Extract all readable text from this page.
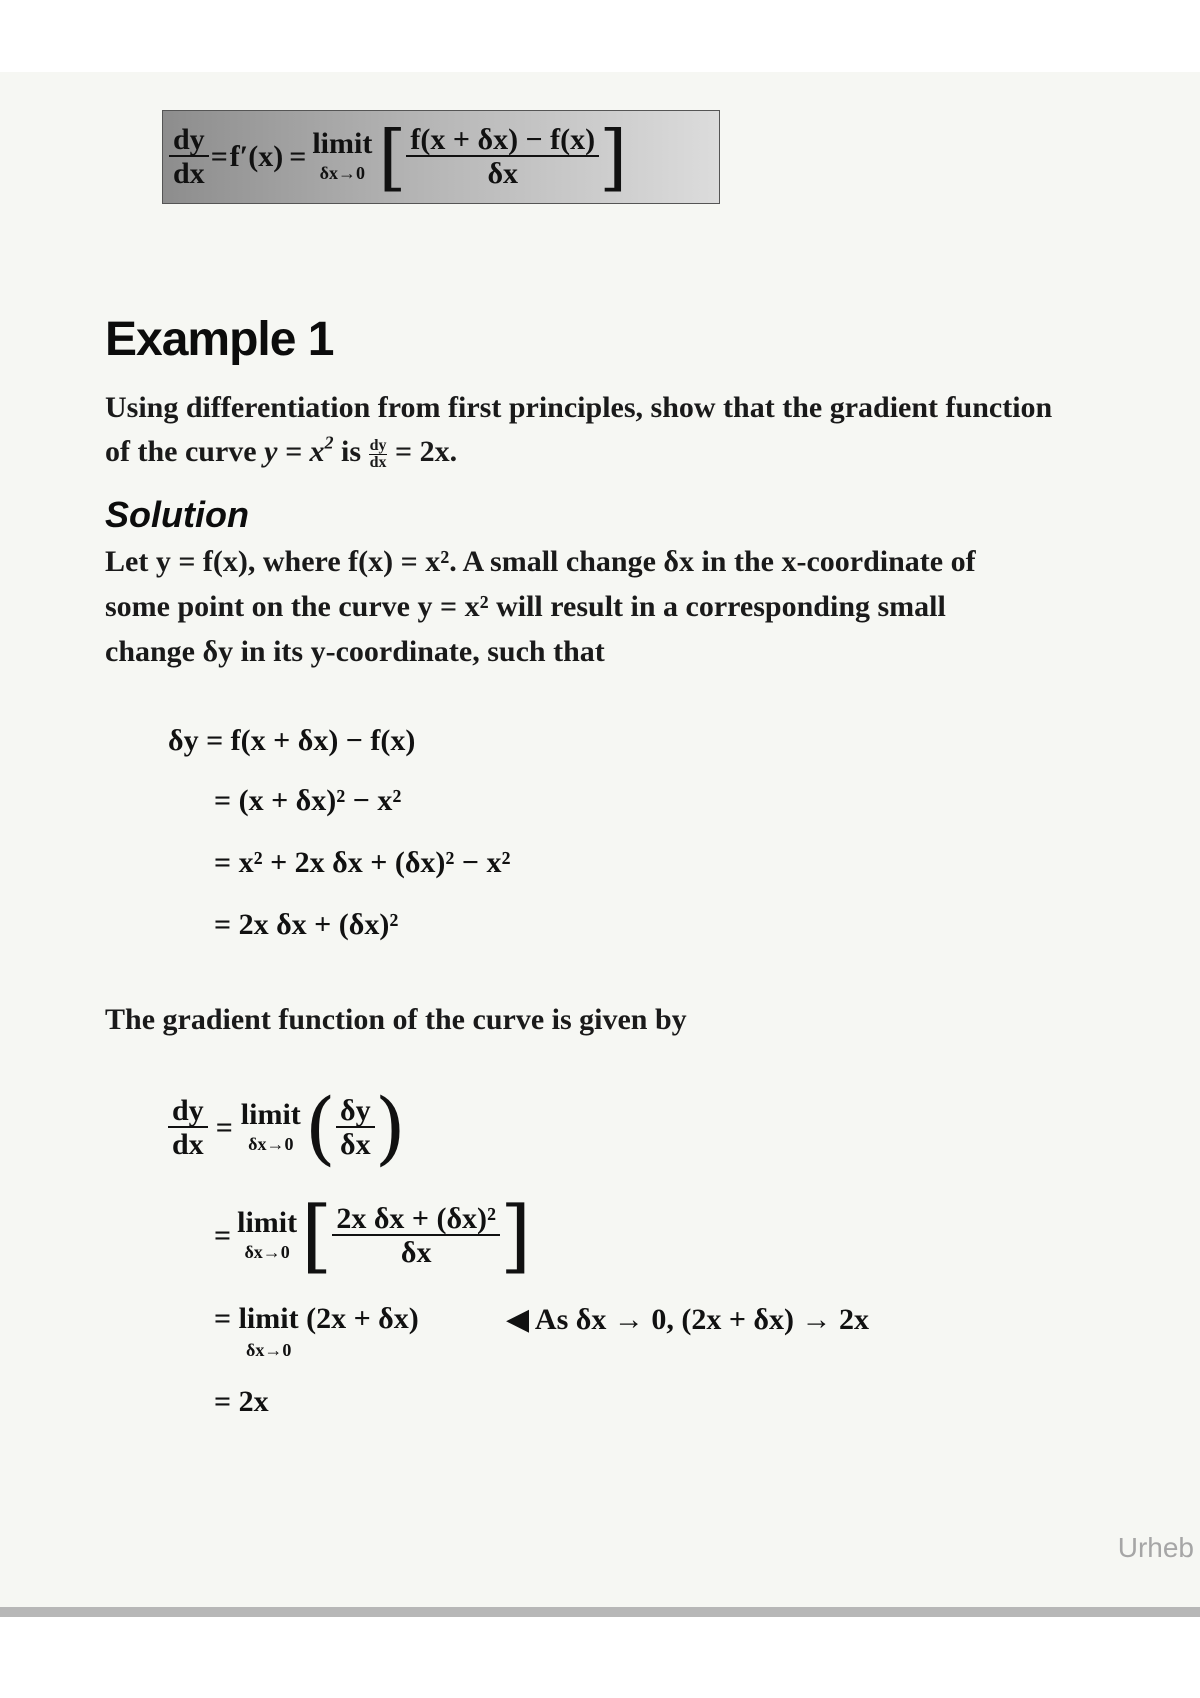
$\frac{dy}{dx} = f'(x)$ = limit
δx→0 [ $\frac{f(x + \delta x) - f(x)}{\delta x}$ ]
Example 1

Using differentiation from first principles, show that the gradient function

of the curve $y = x^2$ is $\frac{dy}{dx} = 2x$.

Solution

Let y = f(x), where f(x) = x². A small change δx in the x-coordinate of

some point on the curve y = x² will result in a corresponding small

change δy in its y-coordinate, such that

δy = f(x + δx) − f(x)
= (x + δx)² − x²
= x² + 2x δx + (δx)² − x²
= 2x δx + (δx)²

The gradient function of the curve is given by

$\frac{dy}{dx}$ = limit
δx→0 ( $\frac{\delta y}{\delta x}$ )
= limit
δx→0 [ $\frac{\text{2x δx + (δx)²}}{\delta x}$ ]
= limit (2x + δx)
δx→0
◀ As δx → 0, (2x + δx) → 2x
= 2x
Urheb
